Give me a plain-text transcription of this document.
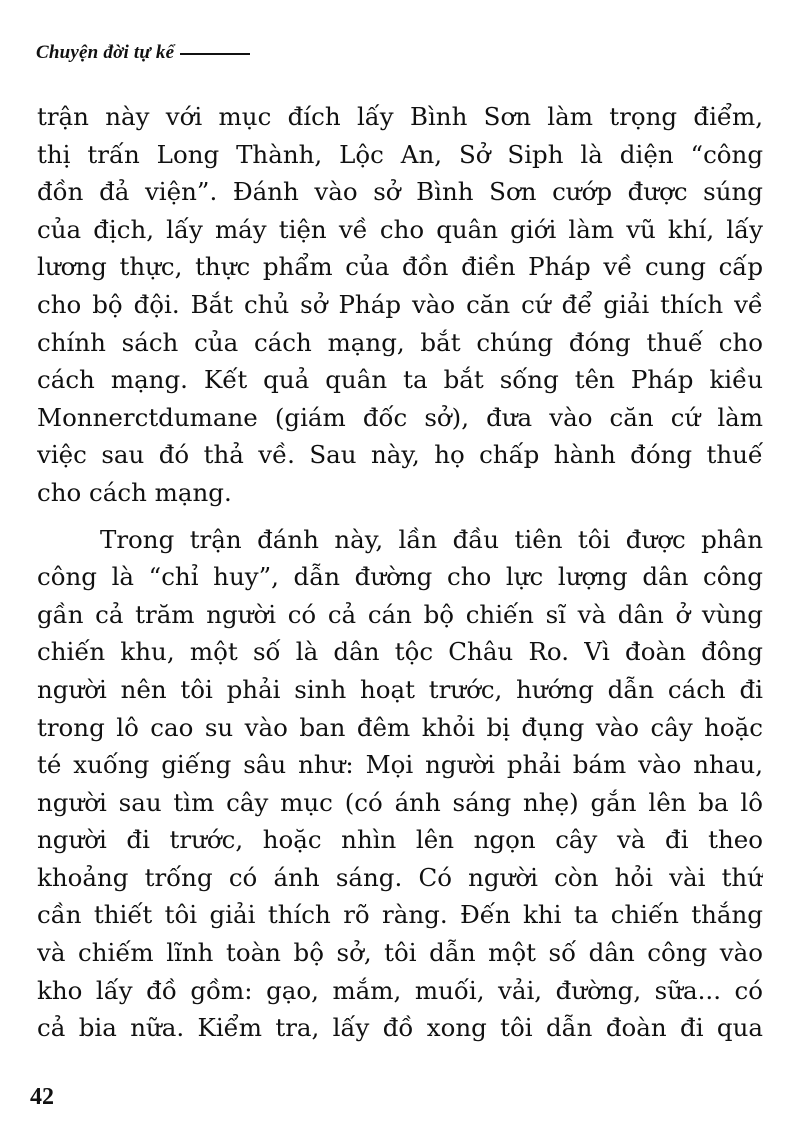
Chuyện đời tự kể
trận này với mục đích lấy Bình Sơn làm trọng điểm,
thị trấn Long Thành, Lộc An, Sở Siph là diện “công
đồn đả viện”. Đánh vào sở Bình Sơn cướp được súng
của địch, lấy máy tiện về cho quân giới làm vũ khí, lấy
lương thực, thực phẩm của đồn điền Pháp về cung cấp
cho bộ đội. Bắt chủ sở Pháp vào căn cứ để giải thích về
chính sách của cách mạng, bắt chúng đóng thuế cho
cách mạng. Kết quả quân ta bắt sống tên Pháp kiều
Monnerctdumane (giám đốc sở), đưa vào căn cứ làm
việc sau đó thả về. Sau này, họ chấp hành đóng thuế
cho cách mạng.
Trong trận đánh này, lần đầu tiên tôi được phân
công là “chỉ huy”, dẫn đường cho lực lượng dân công
gần cả trăm người có cả cán bộ chiến sĩ và dân ở vùng
chiến khu, một số là dân tộc Châu Ro. Vì đoàn đông
người nên tôi phải sinh hoạt trước, hướng dẫn cách đi
trong lô cao su vào ban đêm khỏi bị đụng vào cây hoặc
té xuống giếng sâu như: Mọi người phải bám vào nhau,
người sau tìm cây mục (có ánh sáng nhẹ) gắn lên ba lô
người đi trước, hoặc nhìn lên ngọn cây và đi theo
khoảng trống có ánh sáng. Có người còn hỏi vài thứ
cần thiết tôi giải thích rõ ràng. Đến khi ta chiến thắng
và chiếm lĩnh toàn bộ sở, tôi dẫn một số dân công vào
kho lấy đồ gồm: gạo, mắm, muối, vải, đường, sữa... có
cả bia nữa. Kiểm tra, lấy đồ xong tôi dẫn đoàn đi qua
42
